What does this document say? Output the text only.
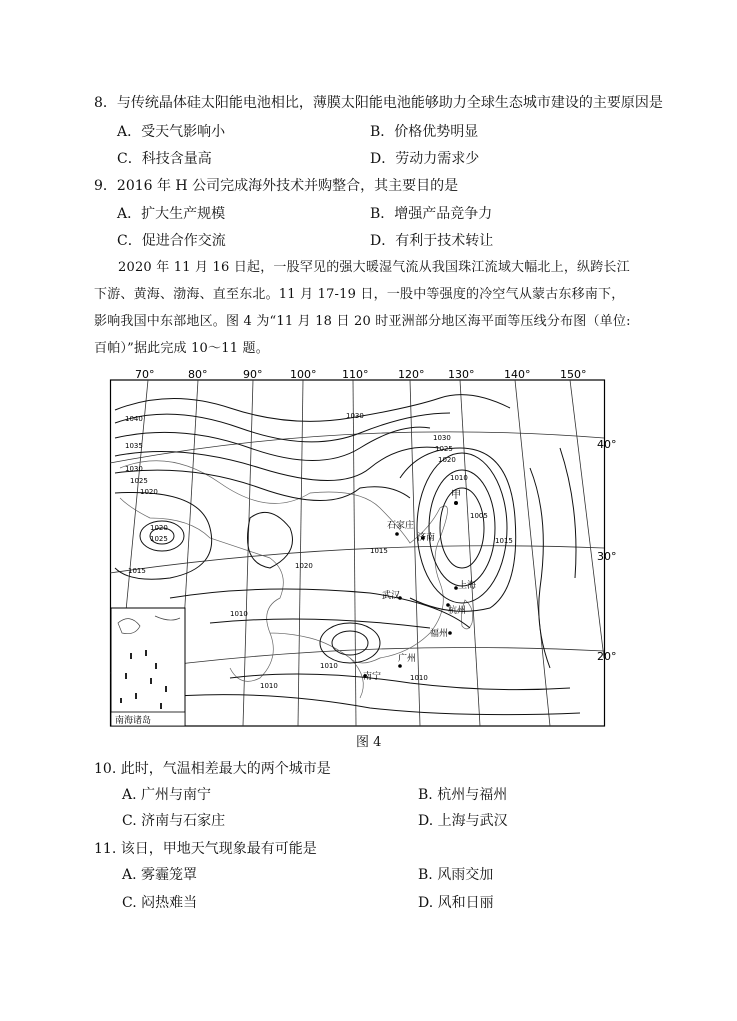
8．与传统晶体硅太阳能电池相比，薄膜太阳能电池能够助力全球生态城市建设的主要原因是
A．受天气影响小	B．价格优势明显
C．科技含量高	D．劳动力需求少
9．2016 年 H 公司完成海外技术并购整合，其主要目的是
A．扩大生产规模	B．增强产品竞争力
C．促进合作交流	D．有利于技术转让
2020 年 11 月 16 日起，一股罕见的强大暖湿气流从我国珠江流域大幅北上，纵跨长江
下游、黄海、渤海、直至东北。11 月 17-19 日，一股中等强度的冷空气从蒙古东移南下，
影响我国中东部地区。图 4 为“11 月 18 日 20 时亚洲部分地区海平面等压线分布图（单位:
百帕）”据此完成 10～11 题。
70°	80°	90°	100° 110°	120° 130°	140°	150°
40°
30°
20°
1040
1035
1030
1025
1020
1020
1025
1015
1010
1030
1030
1025
1020
1010
1005
1015
1015
1020
1010
1010
1010
石家庄
济南
甲
上海
武汉
杭州
福州
广州
南宁
南海诸岛
图 4
10. 此时，气温相差最大的两个城市是
A. 广州与南宁	B. 杭州与福州
C. 济南与石家庄	D. 上海与武汉
11. 该日，甲地天气现象最有可能是
A. 雾霾笼罩	B. 风雨交加
C. 闷热难当	D. 风和日丽
